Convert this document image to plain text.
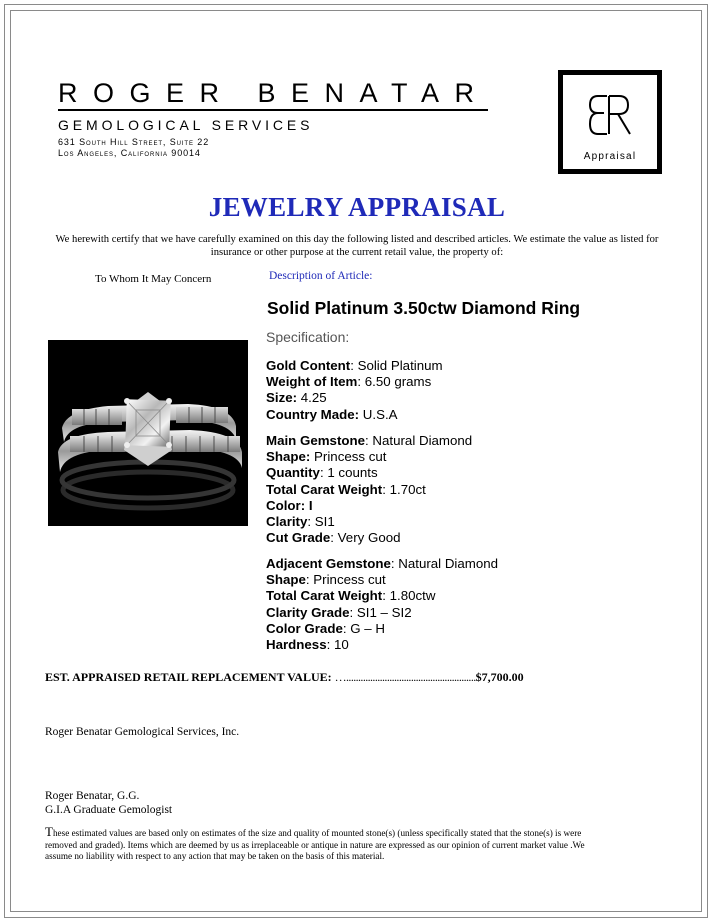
ROGER BENATAR
GEMOLOGICAL SERVICES
631 South Hill Street, Suite 22
Los Angeles, California 90014	Appraisal
JEWELRY APPRAISAL
We herewith certify that we have carefully examined on this day the following listed and described articles. We estimate the value as listed for insurance or other purpose at the current retail value, the property of:
To Whom It May Concern	Description of Article:
Solid Platinum 3.50ctw Diamond Ring
Specification:
Gold Content: Solid Platinum
Weight of Item: 6.50 grams
Size: 4.25
Country Made: U.S.A
Main Gemstone: Natural Diamond
Shape: Princess cut
Quantity: 1 counts
Total Carat Weight: 1.70ct
Color: I
Clarity: SI1
Cut Grade: Very Good
Adjacent Gemstone: Natural Diamond
Shape: Princess cut
Total Carat Weight: 1.80ctw
Clarity Grade: SI1 – SI2
Color Grade: G – H
Hardness: 10
EST. APPRAISED RETAIL REPLACEMENT VALUE: …......................................................$7,700.00
Roger Benatar Gemological Services, Inc.
Roger Benatar, G.G.
G.I.A Graduate Gemologist
These estimated values are based only on estimates of the size and quality of mounted stone(s) (unless specifically stated that the stone(s) is were removed and graded). Items which are deemed by us as irreplaceable or antique in nature are expressed as our opinion of current market value .We assume no liability with respect to any action that may be taken on the basis of this material.
